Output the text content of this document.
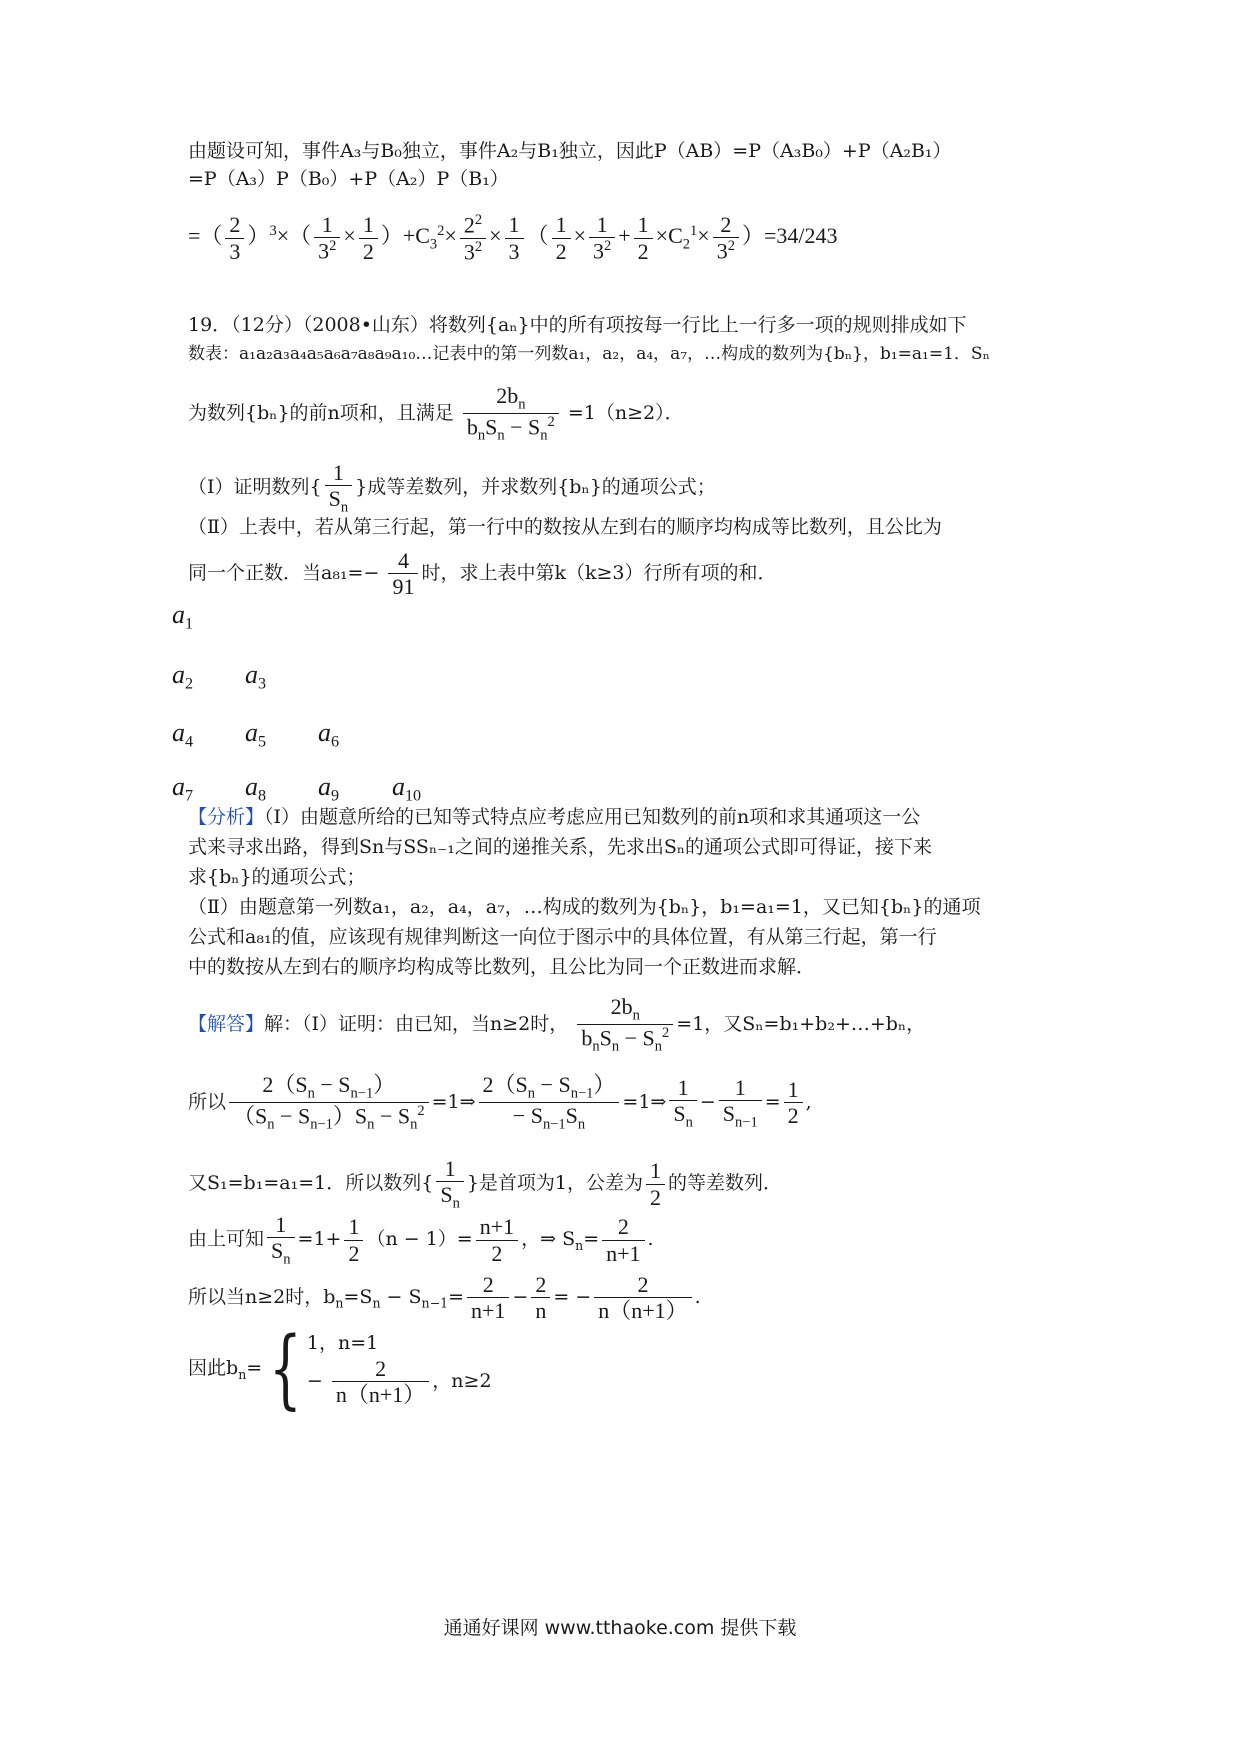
由题设可知，事件A₃与B₀独立，事件A₂与B₁独立，因此P（AB）=P（A₃B₀）+P（A₂B₁）
=P（A₃）P（B₀）+P（A₂）P（B₁）
=（ $\frac{2}{3} )^3\times( \frac{1}{3^2} \times \frac{1}{2} )+C_3^2\times \frac{2^2}{3^2} \times \frac{1}{3}$ （ $\frac{1}{2} \times \frac{1}{3^2} + \frac{1}{2} \times C_2^1\times \frac{2}{3^2} )=34/243$
19．（12分）（2008•山东）将数列{aₙ}中的所有项按每一行比上一行多一项的规则排成如下
数表：a₁a₂a₃a₄a₅a₆a₇a₈a₉a₁₀…记表中的第一列数a₁，a₂，a₄，a₇，…构成的数列为{bₙ}，b₁=a₁=1．Sₙ
为数列{bₙ}的前n项和，且满足 $\frac{2b_n}{b_nS_n - S_n^2} =1(n\ge 2)$．
（Ⅰ）证明数列{ $\frac{1}{S_n}$ }成等差数列，并求数列{bₙ}的通项公式；
（Ⅱ）上表中，若从第三行起，第一行中的数按从左到右的顺序均构成等比数列，且公比为
同一个正数．当$a_{81}=- \frac{4}{91}$ 时，求上表中第k（k≥3）行所有项的和．
$a_1$
$a_2$ $a_3$
$a_4$ $a_5$ $a_6$
$a_7$ $a_8$ $a_9$ $a_{10}$
【分析】（Ⅰ）由题意所给的已知等式特点应考虑应用已知数列的前n项和求其通项这一公
式来寻求出路，得到Sn与SSₙ₋₁之间的递推关系，先求出Sₙ的通项公式即可得证，接下来
求{bₙ}的通项公式；
（Ⅱ）由题意第一列数a₁，a₂，a₄，a₇，…构成的数列为{bₙ}，b₁=a₁=1，又已知{bₙ}的通项
公式和a₈₁的值，应该现有规律判断这一向位于图示中的具体位置，有从第三行起，第一行
中的数按从左到右的顺序均构成等比数列，且公比为同一个正数进而求解．
【解答】解：（Ⅰ）证明：由已知，当n≥2时， $\frac{2b_n}{b_nS_n - S_n^2} =1$，又Sₙ=b₁+b₂+…+bₙ，
所以 $\frac{2(S_n - S_{n-1})}{(S_n - S_{n-1})S_n - S_n^2}$ =1⇒ $\frac{2(S_n - S_{n-1})}{- S_{n-1}S_n}$ =1⇒ $\frac{1}{S_n} - \frac{1}{S_{n-1}} = \frac{1}{2}$ ,
又S₁=b₁=a₁=1．所以数列{ $\frac{1}{S_n}$ }是首项为1，公差为 $\frac{1}{2}$ 的等差数列．
由上可知 $\frac{1}{S_n} =1+ \frac{1}{2} (n - 1)= \frac{n+1}{2}$ ，⇒ $S_n= \frac{2}{n+1}$ .
所以当n≥2时，$b_n=S_n - S_{n-1}= \frac{2}{n+1} - \frac{2}{n}$ = − $\frac{2}{n(n+1)}$ .
因此$b_n=${ 1，n=1
− $\frac{2}{n(n+1)}$ ，n≥2
通通好课网 www.tthaoke.com 提供下载
